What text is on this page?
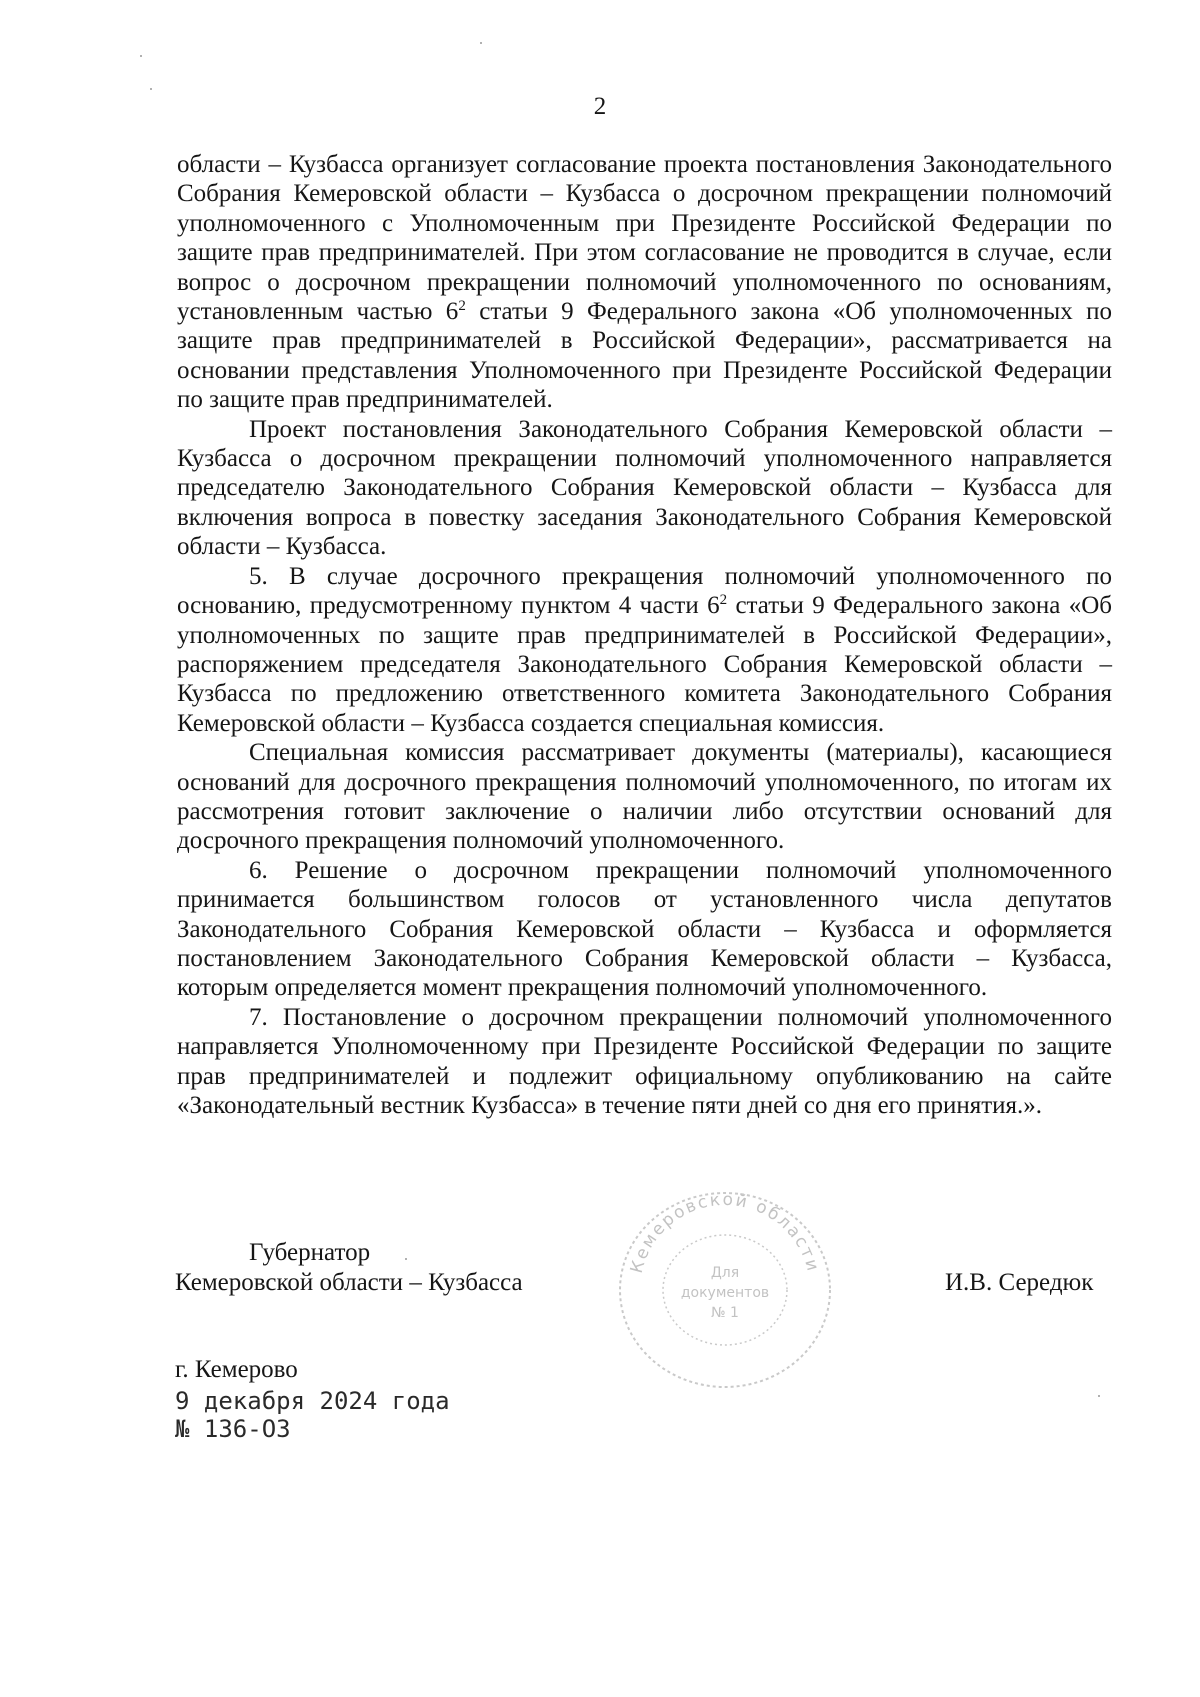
2

области – Кузбасса организует согласование проекта постановления Законодательного Собрания Кемеровской области – Кузбасса о досрочном прекращении полномочий уполномоченного с Уполномоченным при Президенте Российской Федерации по защите прав предпринимателей. При этом согласование не проводится в случае, если вопрос о досрочном прекращении полномочий уполномоченного по основаниям, установленным частью $6^2$ статьи 9 Федерального закона «Об уполномоченных по защите прав предпринимателей в Российской Федерации», рассматривается на основании представления Уполномоченного при Президенте Российской Федерации по защите прав предпринимателей.

Проект постановления Законодательного Собрания Кемеровской области – Кузбасса о досрочном прекращении полномочий уполномоченного направляется председателю Законодательного Собрания Кемеровской области – Кузбасса для включения вопроса в повестку заседания Законодательного Собрания Кемеровской области – Кузбасса.

5. В случае досрочного прекращения полномочий уполномоченного по основанию, предусмотренному пунктом 4 части $6^2$ статьи 9 Федерального закона «Об уполномоченных по защите прав предпринимателей в Российской Федерации», распоряжением председателя Законодательного Собрания Кемеровской области – Кузбасса по предложению ответственного комитета Законодательного Собрания Кемеровской области – Кузбасса создается специальная комиссия.

Специальная комиссия рассматривает документы (материалы), касающиеся оснований для досрочного прекращения полномочий уполномоченного, по итогам их рассмотрения готовит заключение о наличии либо отсутствии оснований для досрочного прекращения полномочий уполномоченного.

6. Решение о досрочном прекращении полномочий уполномоченного принимается большинством голосов от установленного числа депутатов Законодательного Собрания Кемеровской области – Кузбасса и оформляется постановлением Законодательного Собрания Кемеровской области – Кузбасса, которым определяется момент прекращения полномочий уполномоченного.

7. Постановление о досрочном прекращении полномочий уполномоченного направляется Уполномоченному при Президенте Российской Федерации по защите прав предпринимателей и подлежит официальному опубликованию на сайте «Законодательный вестник Кузбасса» в течение пяти дней со дня его принятия.».

Губернатор
Кемеровской области – Кузбасса
Кемеровской области
Для
документов
№ 1
И.В. Середюк
г. Кемерово
9 декабря 2024 года
№ 136-ОЗ
